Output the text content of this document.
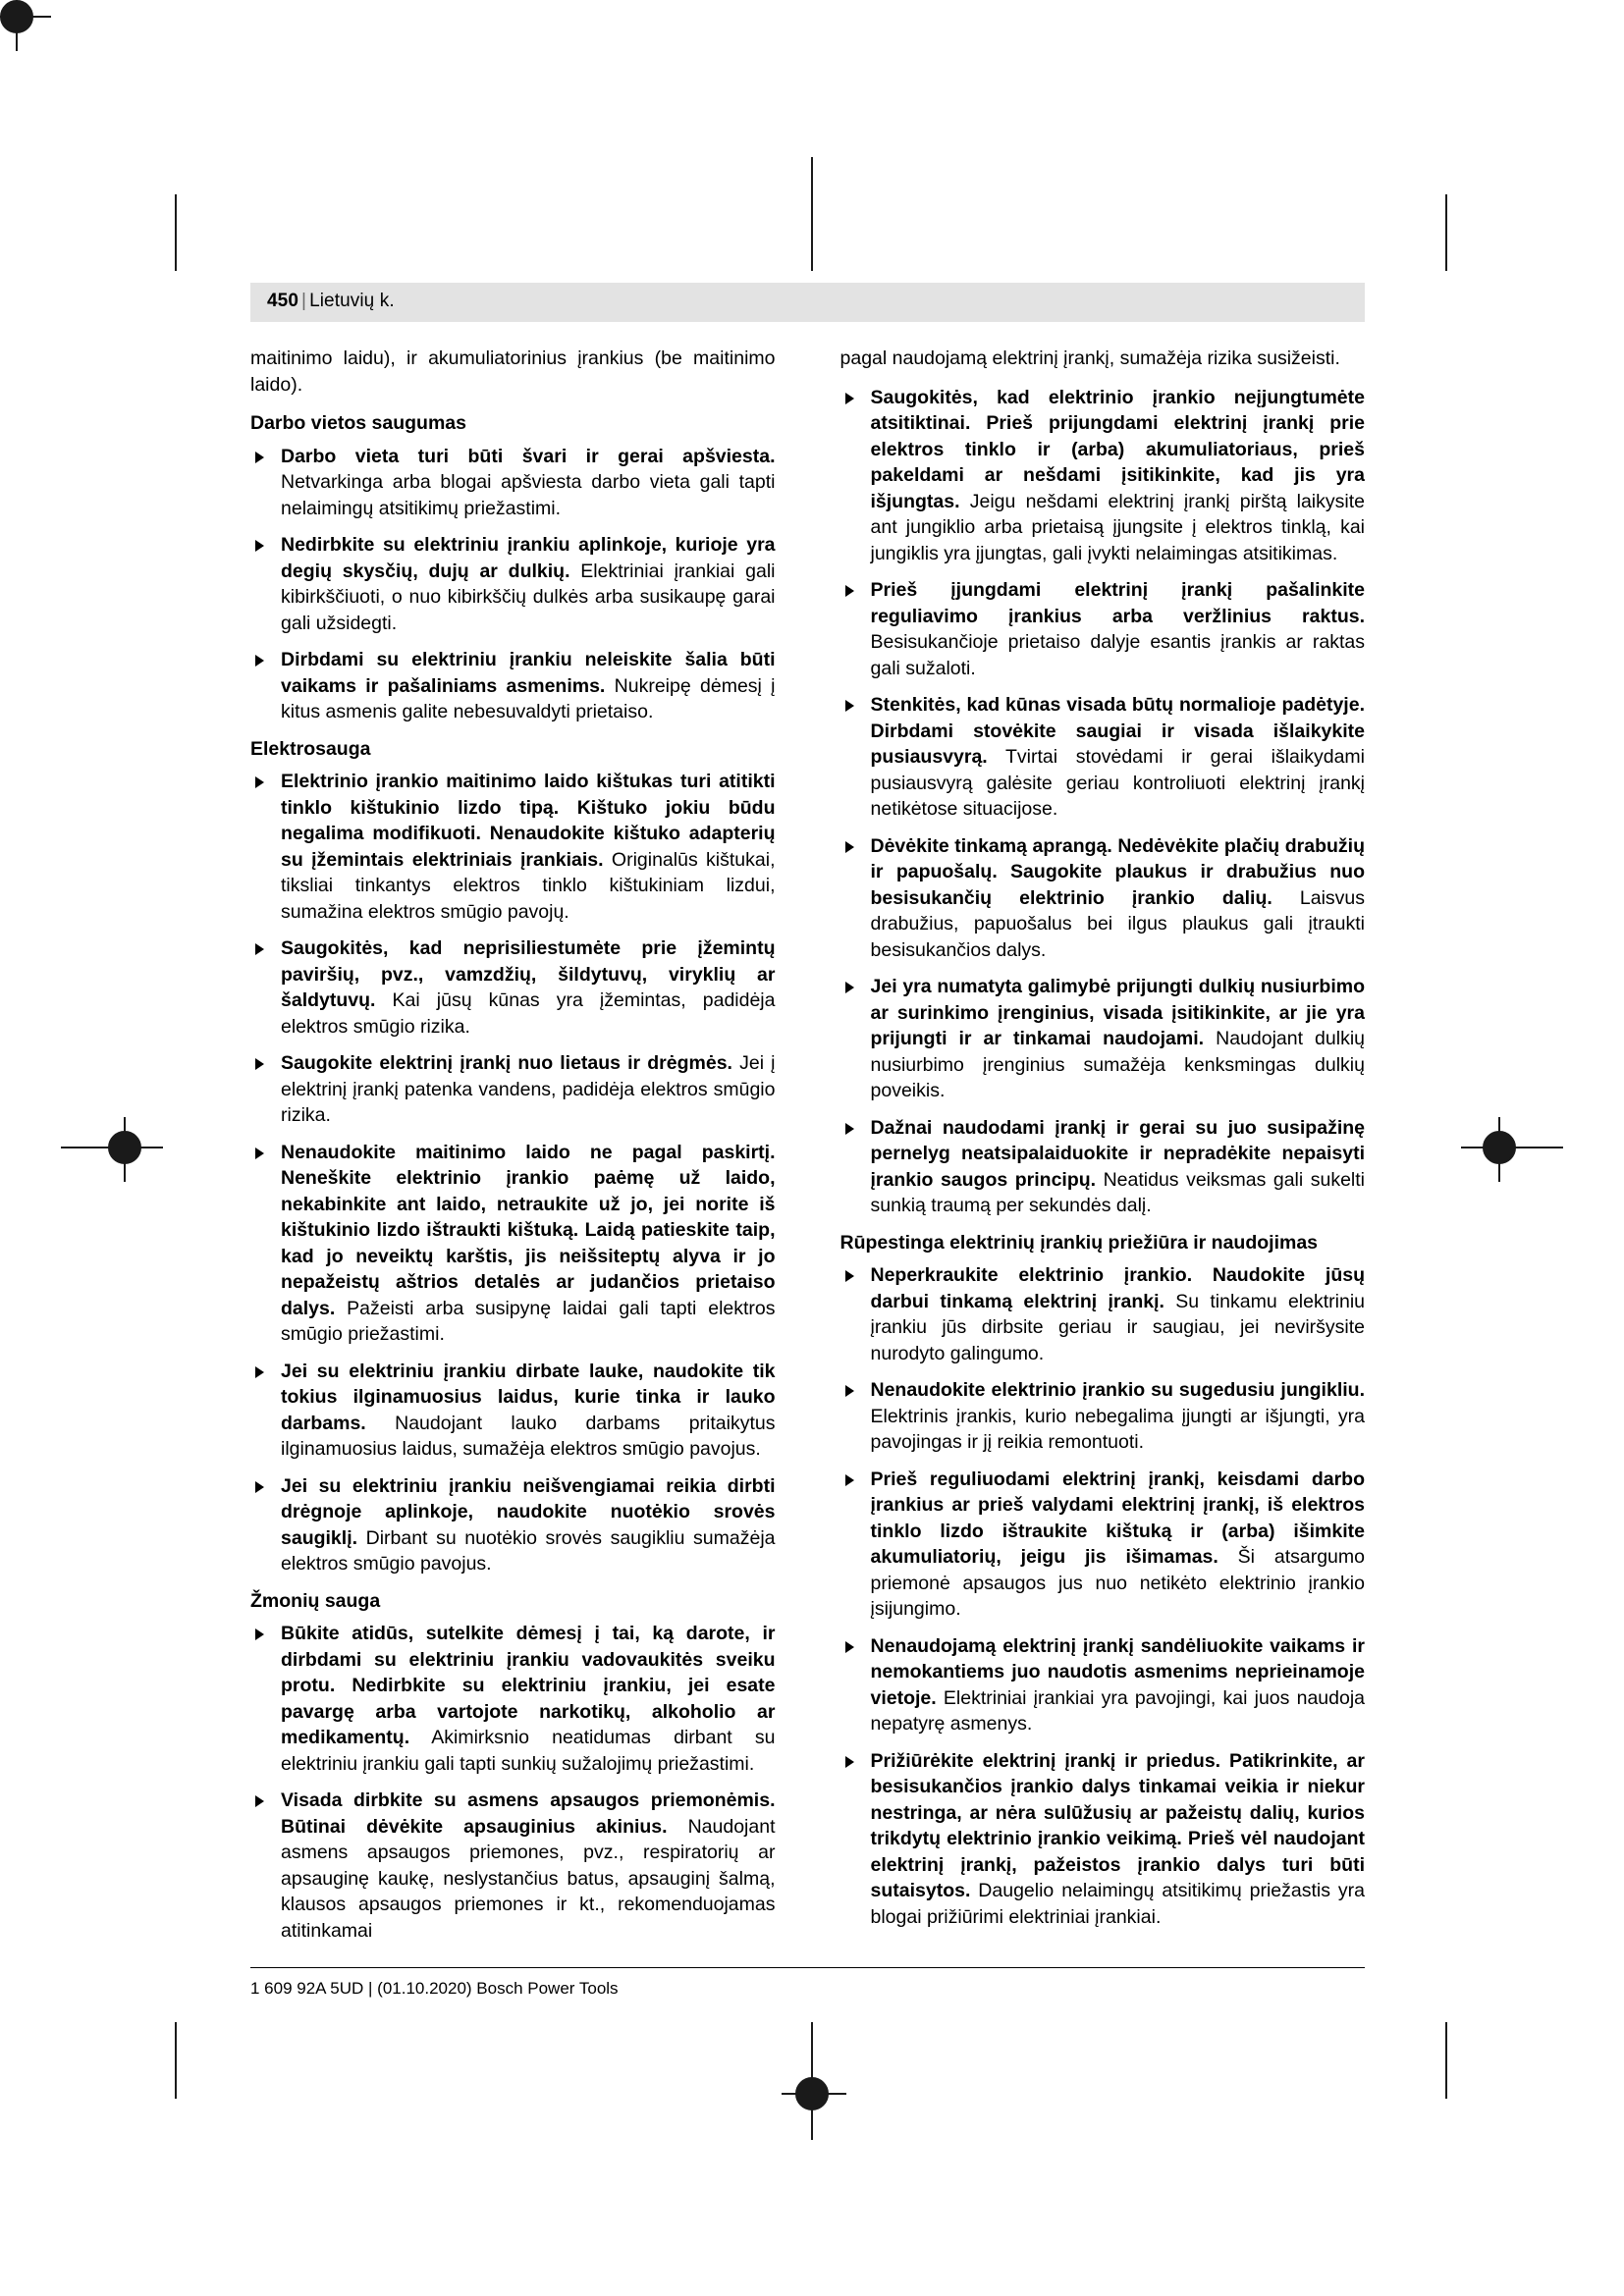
450 | Lietuvių k.

maitinimo laidu), ir akumuliatorinius įrankius (be maitinimo laido).

Darbo vietos saugumas
Darbo vieta turi būti švari ir gerai apšviesta. Netvarkinga arba blogai apšviesta darbo vieta gali tapti nelaimingų atsitikimų priežastimi.
Nedirbkite su elektriniu įrankiu aplinkoje, kurioje yra degių skysčių, dujų ar dulkių. Elektriniai įrankiai gali kibirkščiuoti, o nuo kibirkščių dulkės arba susikaupę garai gali užsidegti.
Dirbdami su elektriniu įrankiu neleiskite šalia būti vaikams ir pašaliniams asmenims. Nukreipę dėmesį į kitus asmenis galite nebesuvaldyti prietaiso.
Elektrosauga
Elektrinio įrankio maitinimo laido kištukas turi atitikti tinklo kištukinio lizdo tipą. Kištuko jokiu būdu negalima modifikuoti. Nenaudokite kištuko adapterių su įžemintais elektriniais įrankiais. Originalūs kištukai, tiksliai tinkantys elektros tinklo kištukiniam lizdui, sumažina elektros smūgio pavojų.
Saugokitės, kad neprisiliestumėte prie įžemintų paviršių, pvz., vamzdžių, šildytuvų, viryklių ar šaldytuvų. Kai jūsų kūnas yra įžemintas, padidėja elektros smūgio rizika.
Saugokite elektrinį įrankį nuo lietaus ir drėgmės. Jei į elektrinį įrankį patenka vandens, padidėja elektros smūgio rizika.
Nenaudokite maitinimo laido ne pagal paskirtį. Neneškite elektrinio įrankio paėmę už laido, nekabinkite ant laido, netraukite už jo, jei norite iš kištukinio lizdo ištraukti kištuką. Laidą patieskite taip, kad jo neveiktų karštis, jis neišsiteptų alyva ir jo nepažeistų aštrios detalės ar judančios prietaiso dalys. Pažeisti arba susipynę laidai gali tapti elektros smūgio priežastimi.
Jei su elektriniu įrankiu dirbate lauke, naudokite tik tokius ilginamuosius laidus, kurie tinka ir lauko darbams. Naudojant lauko darbams pritaikytus ilginamuosius laidus, sumažėja elektros smūgio pavojus.
Jei su elektriniu įrankiu neišvengiamai reikia dirbti drėgnoje aplinkoje, naudokite nuotėkio srovės saugiklį. Dirbant su nuotėkio srovės saugikliu sumažėja elektros smūgio pavojus.
Žmonių sauga
Būkite atidūs, sutelkite dėmesį į tai, ką darote, ir dirbdami su elektriniu įrankiu vadovaukitės sveiku protu. Nedirbkite su elektriniu įrankiu, jei esate pavargę arba vartojote narkotikų, alkoholio ar medikamentų. Akimirksnio neatidumas dirbant su elektriniu įrankiu gali tapti sunkių sužalojimų priežastimi.
Visada dirbkite su asmens apsaugos priemonėmis. Būtinai dėvėkite apsauginius akinius. Naudojant asmens apsaugos priemones, pvz., respiratorių ar apsauginę kaukę, neslystančius batus, apsauginį šalmą, klausos apsaugos priemones ir kt., rekomenduojamas atitinkamai

pagal naudojamą elektrinį įrankį, sumažėja rizika susižeisti.

Saugokitės, kad elektrinio įrankio neįjungtumėte atsitiktinai. Prieš prijungdami elektrinį įrankį prie elektros tinklo ir (arba) akumuliatoriaus, prieš pakeldami ar nešdami įsitikinkite, kad jis yra išjungtas. Jeigu nešdami elektrinį įrankį pirštą laikysite ant jungiklio arba prietaisą įjungsite į elektros tinklą, kai jungiklis yra įjungtas, gali įvykti nelaimingas atsitikimas.
Prieš įjungdami elektrinį įrankį pašalinkite reguliavimo įrankius arba veržlinius raktus. Besisukančioje prietaiso dalyje esantis įrankis ar raktas gali sužaloti.
Stenkitės, kad kūnas visada būtų normalioje padėtyje. Dirbdami stovėkite saugiai ir visada išlaikykite pusiausvyrą. Tvirtai stovėdami ir gerai išlaikydami pusiausvyrą galėsite geriau kontroliuoti elektrinį įrankį netikėtose situacijose.
Dėvėkite tinkamą aprangą. Nedėvėkite plačių drabužių ir papuošalų. Saugokite plaukus ir drabužius nuo besisukančių elektrinio įrankio dalių. Laisvus drabužius, papuošalus bei ilgus plaukus gali įtraukti besisukančios dalys.
Jei yra numatyta galimybė prijungti dulkių nusiurbimo ar surinkimo įrenginius, visada įsitikinkite, ar jie yra prijungti ir ar tinkamai naudojami. Naudojant dulkių nusiurbimo įrenginius sumažėja kenksmingas dulkių poveikis.
Dažnai naudodami įrankį ir gerai su juo susipažinę pernelyg neatsipalaiduokite ir nepradėkite nepaisyti įrankio saugos principų. Neatidus veiksmas gali sukelti sunkią traumą per sekundės dalį.
Rūpestinga elektrinių įrankių priežiūra ir naudojimas
Neperkraukite elektrinio įrankio. Naudokite jūsų darbui tinkamą elektrinį įrankį. Su tinkamu elektriniu įrankiu jūs dirbsite geriau ir saugiau, jei neviršysite nurodyto galingumo.
Nenaudokite elektrinio įrankio su sugedusiu jungikliu. Elektrinis įrankis, kurio nebegalima įjungti ar išjungti, yra pavojingas ir jį reikia remontuoti.
Prieš reguliuodami elektrinį įrankį, keisdami darbo įrankius ar prieš valydami elektrinį įrankį, iš elektros tinklo lizdo ištraukite kištuką ir (arba) išimkite akumuliatorių, jeigu jis išimamas. Ši atsargumo priemonė apsaugos jus nuo netikėto elektrinio įrankio įsijungimo.
Nenaudojamą elektrinį įrankį sandėliuokite vaikams ir nemokantiems juo naudotis asmenims neprieinamoje vietoje. Elektriniai įrankiai yra pavojingi, kai juos naudoja nepatyrę asmenys.
Prižiūrėkite elektrinį įrankį ir priedus. Patikrinkite, ar besisukančios įrankio dalys tinkamai veikia ir niekur nestringa, ar nėra sulūžusių ar pažeistų dalių, kurios trikdytų elektrinio įrankio veikimą. Prieš vėl naudojant elektrinį įrankį, pažeistos įrankio dalys turi būti sutaisytos. Daugelio nelaimingų atsitikimų priežastis yra blogai prižiūrimi elektriniai įrankiai.
1 609 92A 5UD | (01.10.2020) Bosch Power Tools
